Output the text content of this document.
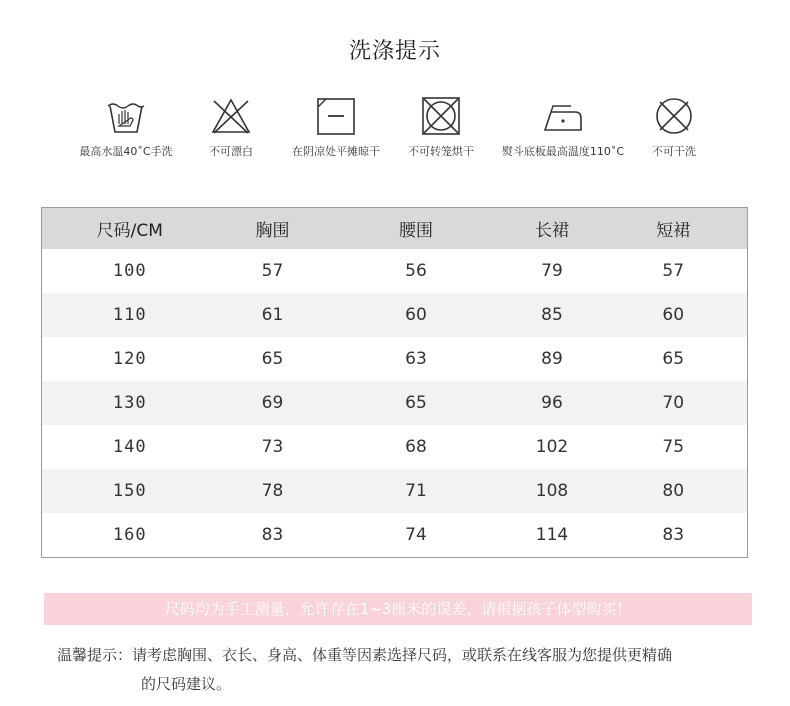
洗涤提示
最高水温40˚C手洗	不可漂白	在阴凉处平摊晾干	不可转笼烘干	熨斗底板最高温度110˚C	不可干洗
尺码/CM	胸围	腰围	长裙	短裙
100	57	56	79	57
110	61	60	85	60
120	65	63	89	65
130	69	65	96	70
140	73	68	102	75
150	78	71	108	80
160	83	74	114	83
尺码均为手工测量，允许存在1~3厘米的误差，请根据孩子体型购买！
温馨提示：请考虑胸围、衣长、身高、体重等因素选择尺码，或联系在线客服为您提供更精确
的尺码建议。
